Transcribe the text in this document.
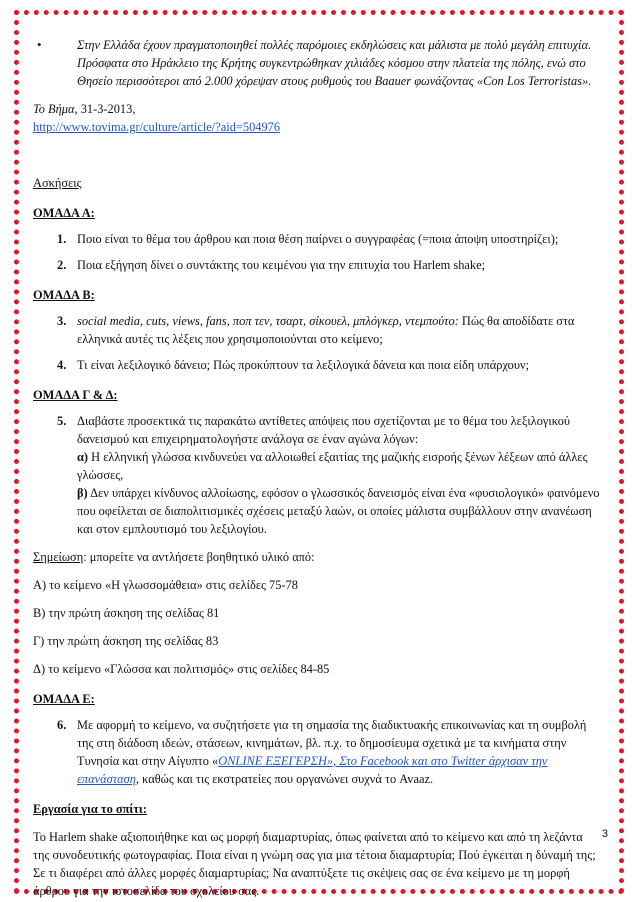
•	Στην Ελλάδα έχουν πραγματοποιηθεί πολλές παρόμοιες εκδηλώσεις και μάλιστα με πολύ μεγάλη επιτυχία. Πρόσφατα στο Ηράκλειο της Κρήτης συγκεντρώθηκαν χιλιάδες κόσμου στην πλατεία της πόλης, ενώ στο Θησείο περισσότεροι από 2.000 χόρεψαν στους ρυθμούς του Baauer φωνάζοντας «Con Los Terroristas».

Το Βήμα, 31-3-2013,
http://www.tovima.gr/culture/article/?aid=504976

Ασκήσεις

ΟΜΑΔΑ Α:

1. Ποιο είναι το θέμα του άρθρου και ποια θέση παίρνει ο συγγραφέας (=ποια άποψη υποστηρίζει);
2. Ποια εξήγηση δίνει ο συντάκτης του κειμένου για την επιτυχία του Harlem shake;

ΟΜΑΔΑ Β:

3. social media, cuts, views, fans, ποπ τεν, τσαρτ, σίκουελ, μπλόγκερ, ντεμπούτο: Πώς θα αποδίδατε στα ελληνικά αυτές τις λέξεις που χρησιμοποιούνται στο κείμενο;
4. Τι είναι λεξιλογικό δάνειο; Πώς προκύπτουν τα λεξιλογικά δάνεια και ποια είδη υπάρχουν;

ΟΜΑΔΑ Γ & Δ:

5. Διαβάστε προσεκτικά τις παρακάτω αντίθετες απόψεις που σχετίζονται με το θέμα του λεξιλογικού δανεισμού και επιχειρηματολογήστε ανάλογα σε έναν αγώνα λόγων:
α) Η ελληνική γλώσσα κινδυνεύει να αλλοιωθεί εξαιτίας της μαζικής εισροής ξένων λέξεων από άλλες γλώσσες,
β) Δεν υπάρχει κίνδυνος αλλοίωσης, εφόσον ο γλωσσικός δανεισμός είναι ένα «φυσιολογικό» φαινόμενο που οφείλεται σε διαπολιτισμικές σχέσεις μεταξύ λαών, οι οποίες μάλιστα συμβάλλουν στην ανανέωση και στον εμπλουτισμό του λεξιλογίου.

Σημείωση: μπορείτε να αντλήσετε βοηθητικό υλικό από:

Α) το κείμενο «Η γλωσσομάθεια» στις σελίδες 75-78

Β) την πρώτη άσκηση της σελίδας 81

Γ) την πρώτη άσκηση της σελίδας 83

Δ) το κείμενο «Γλώσσα και πολιτισμός» στις σελίδες 84-85

ΟΜΑΔΑ Ε:

6. Με αφορμή το κείμενο, να συζητήσετε για τη σημασία της διαδικτυακής επικοινωνίας και τη συμβολή της στη διάδοση ιδεών, στάσεων, κινημάτων, βλ. π.χ. το δημοσίευμα σχετικά με τα κινήματα στην Τυνησία και στην Αίγυπτο «ONLINE ΕΞΕΓΕΡΣΗ», Στο Facebook και στο Twitter άρχισαν την επανάσταση, καθώς και τις εκστρατείες που οργανώνει συχνά το Avaaz.

Εργασία για το σπίτι:

Το Harlem shake αξιοποιήθηκε και ως μορφή διαμαρτυρίας, όπως φαίνεται από το κείμενο και από τη λεζάντα της συνοδευτικής φωτογραφίας. Ποια είναι η γνώμη σας για μια τέτοια διαμαρτυρία; Πού έγκειται η δύναμή της; Σε τι διαφέρει από άλλες μορφές διαμαρτυρίας; Να αναπτύξετε τις σκέψεις σας σε ένα κείμενο με τη μορφή άρθρου για την ιστοσελίδα του σχολείου σας.

3
